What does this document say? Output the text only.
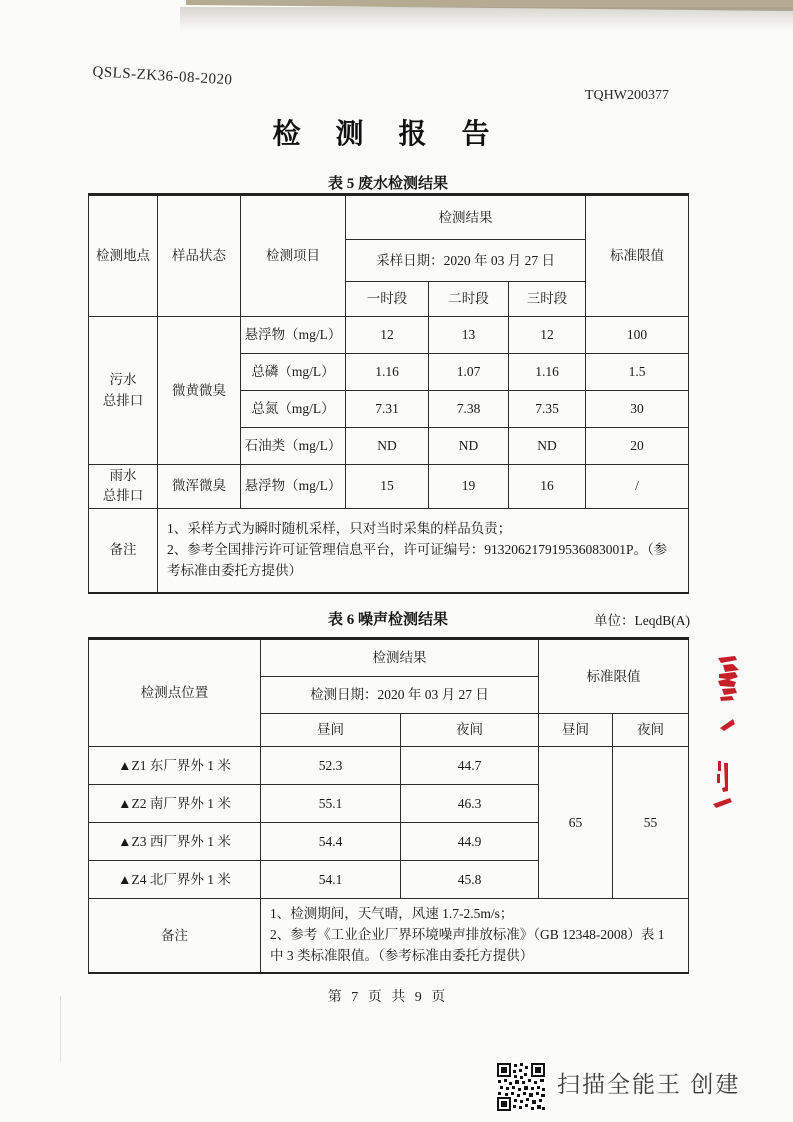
QSLS-ZK36-08-2020
TQHW200377
检 测 报 告
表 5 废水检测结果
检测地点	样品状态	检测项目	检测结果			标准限值
			采样日期：2020 年 03 月 27 日			
			一时段	二时段	三时段	

污水
总排口	微黄微臭	悬浮物（mg/L）	12	13	12	100
		总磷（mg/L）	1.16	1.07	1.16	1.5
		总氮（mg/L）	7.31	7.38	7.35	30
		石油类（mg/L）	ND	ND	ND	20

雨水
总排口	微浑微臭	悬浮物（mg/L）	15	19	16	/
备注	1、采样方式为瞬时随机采样，只对当时采集的样品负责；
2、参考全国排污许可证管理信息平台，许可证编号：913206217919536083001P。（参考标准由委托方提供）					
表 6 噪声检测结果	单位：LeqdB(A)
检测点位置	检测结果		标准限值	
	检测日期：2020 年 03 月 27 日			
	昼间	夜间	昼间	夜间
▲Z1 东厂界外 1 米	52.3	44.7	65	55
▲Z2 南厂界外 1 米	55.1	46.3		
▲Z3 西厂界外 1 米	54.4	44.9		
▲Z4 北厂界外 1 米	54.1	45.8		
备注	1、检测期间，天气晴，风速 1.7-2.5m/s；
2、参考《工业企业厂界环境噪声排放标准》（GB 12348-2008）表 1 中 3 类标准限值。（参考标准由委托方提供）			
第 7 页 共 9 页
扫描全能王 创建
